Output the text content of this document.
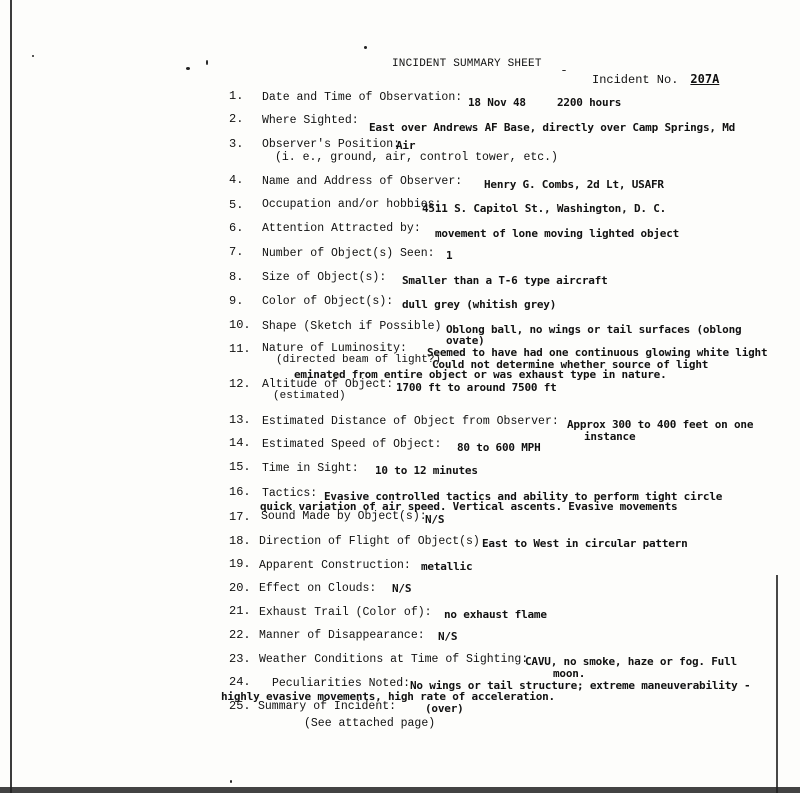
INCIDENT SUMMARY SHEET
Incident No. 207A
1. Date and Time of Observation: 18 Nov 48	2200 hours
2. Where Sighted:
East over Andrews AF Base, directly over Camp Springs, Md
3. Observer's Position:
Air
(i. e., ground, air, control tower, etc.)
4. Name and Address of Observer: Henry G. Combs, 2d Lt, USAFR
5. Occupation and/or hobbies:
4511 S. Capitol St., Washington, D. C.
6. Attention Attracted by: movement of lone moving lighted object
7. Number of Object(s) Seen: 1
8. Size of Object(s): Smaller than a T-6 type aircraft
9. Color of Object(s): dull grey (whitish grey)
10. Shape (Sketch if Possible) Oblong ball, no wings or tail surfaces (oblong
ovate)
11. Nature of Luminosity: Seemed to have had one continuous glowing white light
(directed beam of light?)
Could not determine whether source of light
eminated from entire object or was exhaust type in nature.
12. Altitude of Object: 1700 ft to around 7500 ft
(estimated)
13. Estimated Distance of Object from Observer: Approx 300 to 400 feet on one
instance
14. Estimated Speed of Object: 80 to 600 MPH
15. Time in Sight: 10 to 12 minutes
16. Tactics: Evasive controlled tactics and ability to perform tight circle
quick variation of air speed. Vertical ascents. Evasive movements
17. Sound Made by Object(s):
N/S
18. Direction of Flight of Object(s) East to West in circular pattern
19. Apparent Construction: metallic
20. Effect on Clouds: N/S
21. Exhaust Trail (Color of): no exhaust flame
22. Manner of Disappearance: N/S
23. Weather Conditions at Time of Sighting:
CAVU, no smoke, haze or fog. Full
moon.
24. Peculiarities Noted: No wings or tail structure; extreme maneuverability -
highly evasive movements, high rate of acceleration.
25. Summary of Incident:	(over)
(See attached page)
